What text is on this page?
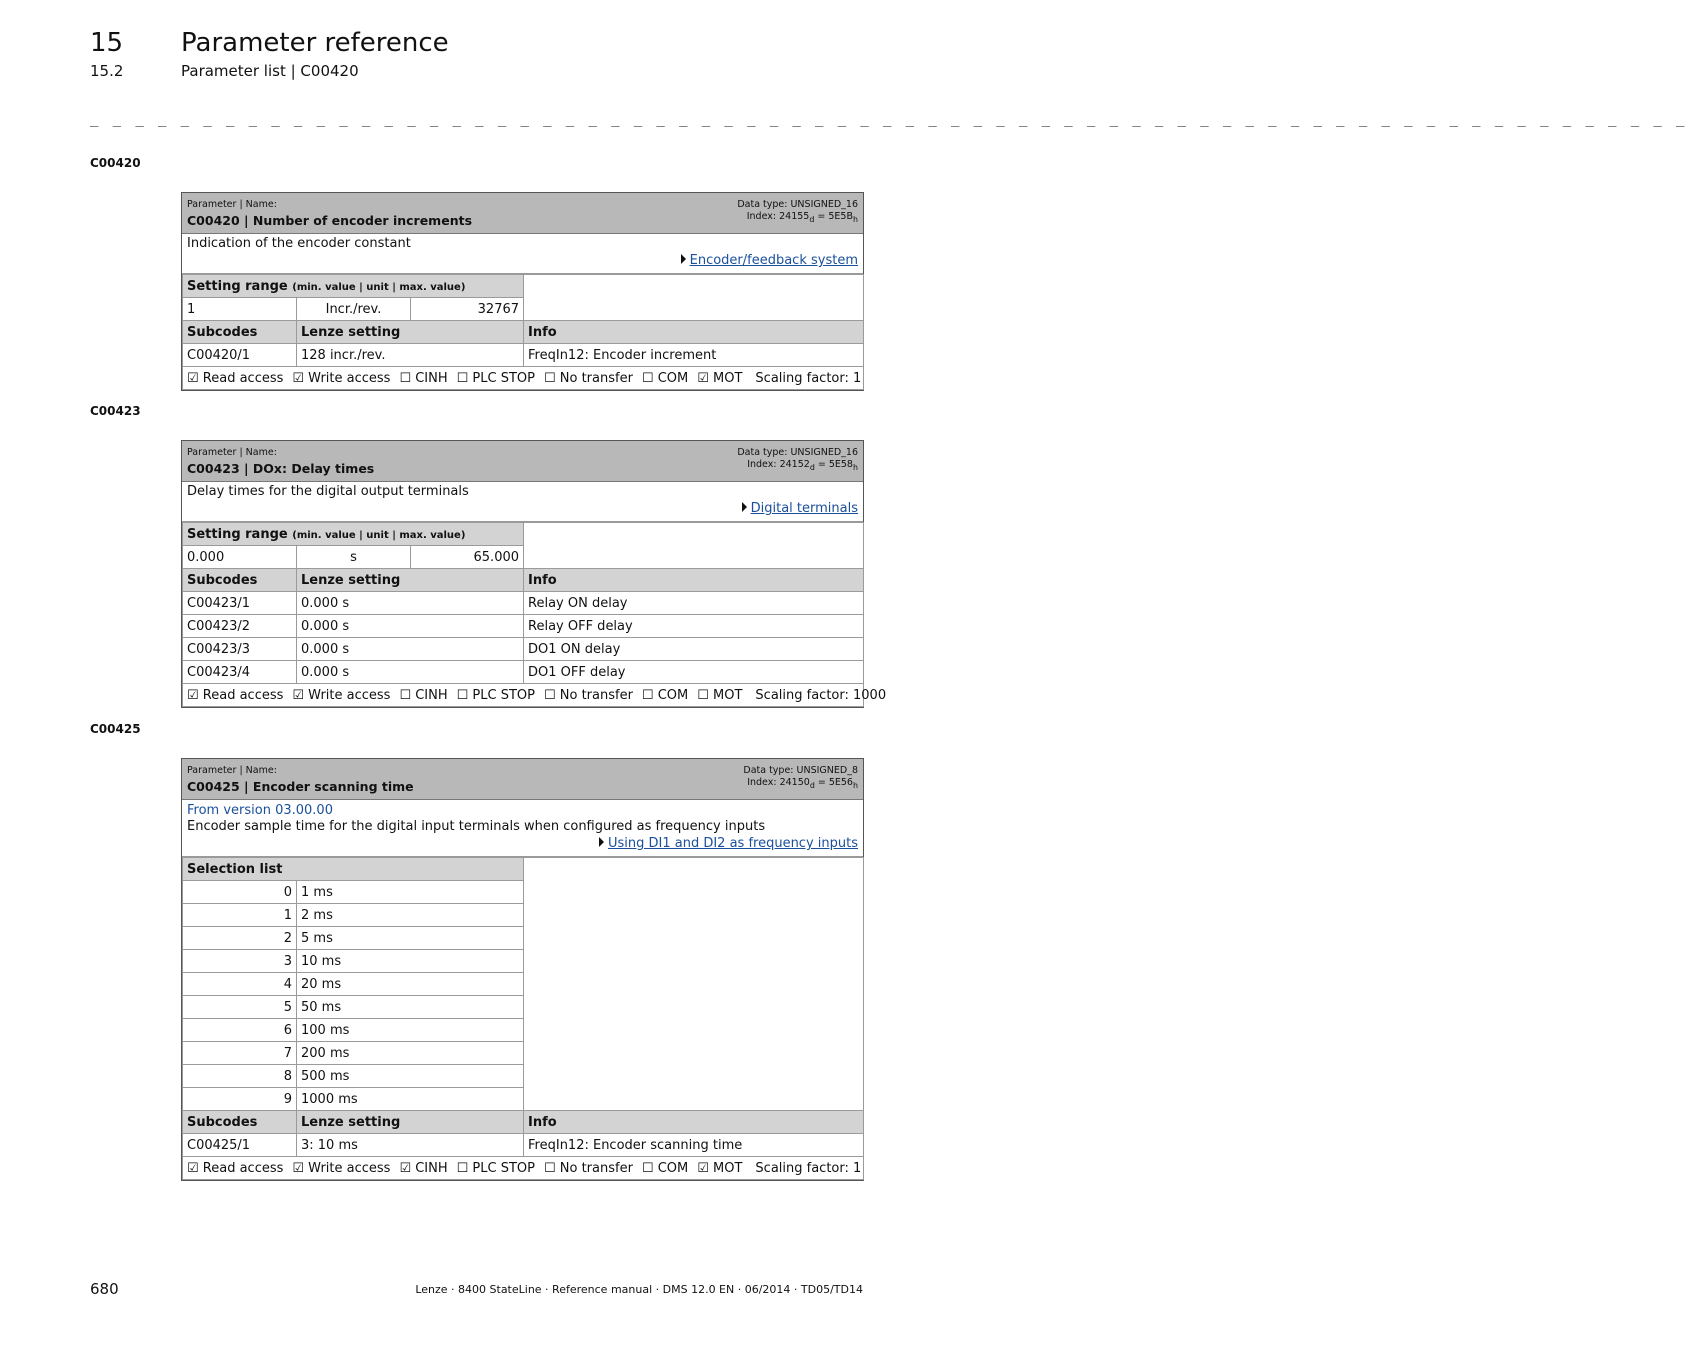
15 Parameter reference
15.2	Parameter list | C00420
_ _ _ _ _ _ _ _ _ _ _ _ _ _ _ _ _ _ _ _ _ _ _ _ _ _ _ _ _ _ _ _ _ _ _ _ _ _ _ _ _ _ _ _ _ _ _ _ _ _ _ _ _ _ _ _ _ _ _ _ _ _ _ _ _ _ _ _ _ _ _
C00420
Parameter | Name:
C00420 | Number of encoder increments
Data type: UNSIGNED_16
Index: $24155_d = 5E5B_h$
Indication of the encoder constant
Encoder/feedback system
Setting range (min. value | unit | max. value)			
1	Incr./rev.	32767	
Subcodes	Lenze setting		Info
C00420/1	128 incr./rev.		FreqIn12: Encoder increment
☑ Read access ☑ Write access ☐ CINH ☐ PLC STOP ☐ No transfer ☐ COM ☑ MOT Scaling factor: 1			
C00423
Parameter | Name:
C00423 | DOx: Delay times
Data type: UNSIGNED_16
Index: $24152_d = 5E58_h$
Delay times for the digital output terminals
Digital terminals
Setting range (min. value | unit | max. value)			
0.000	s	65.000	
Subcodes	Lenze setting		Info
C00423/1	0.000 s		Relay ON delay
C00423/2	0.000 s		Relay OFF delay
C00423/3	0.000 s		DO1 ON delay
C00423/4	0.000 s		DO1 OFF delay
☑ Read access ☑ Write access ☐ CINH ☐ PLC STOP ☐ No transfer ☐ COM ☐ MOT Scaling factor: 1000			
C00425
Parameter | Name:
C00425 | Encoder scanning time
Data type: UNSIGNED_8
Index: $24150_d = 5E56_h$
From version 03.00.00
Encoder sample time for the digital input terminals when configured as frequency inputs
Using DI1 and DI2 as frequency inputs
Selection list		
0	1 ms	
1	2 ms	
2	5 ms	
3	10 ms	
4	20 ms	
5	50 ms	
6	100 ms	
7	200 ms	
8	500 ms	
9	1000 ms	
Subcodes	Lenze setting	Info
C00425/1	3: 10 ms	FreqIn12: Encoder scanning time
☑ Read access ☑ Write access ☑ CINH ☐ PLC STOP ☐ No transfer ☐ COM ☑ MOT Scaling factor: 1		
680	Lenze · 8400 StateLine · Reference manual · DMS 12.0 EN · 06/2014 · TD05/TD14
